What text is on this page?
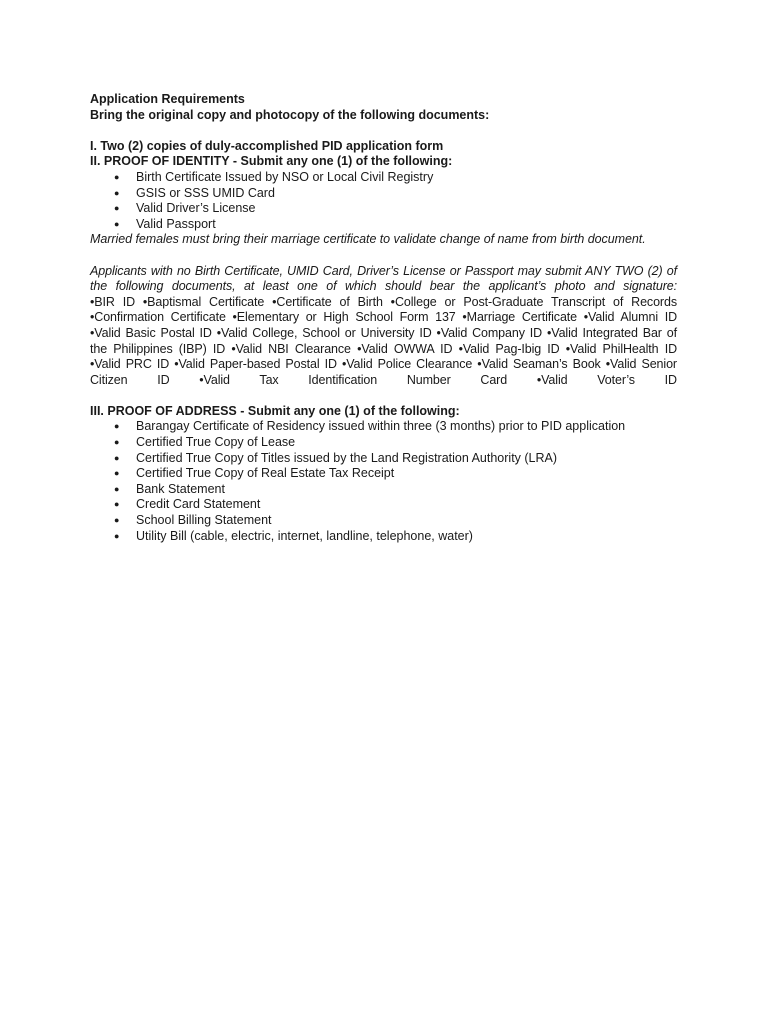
Application Requirements
Bring the original copy and photocopy of the following documents:
I. Two (2) copies of duly-accomplished PID application form
II. PROOF OF IDENTITY - Submit any one (1) of the following:
● Birth Certificate Issued by NSO or Local Civil Registry
● GSIS or SSS UMID Card
● Valid Driver’s License
● Valid Passport
Married females must bring their marriage certificate to validate change of name from birth document.
Applicants with no Birth Certificate, UMID Card, Driver’s License or Passport may submit ANY TWO (2) of
the following documents, at least one of which should bear the applicant’s photo and signature:
•BIR ID •Baptismal Certificate •Certificate of Birth •College or Post-Graduate Transcript of Records
•Confirmation Certificate •Elementary or High School Form 137 •Marriage Certificate •Valid Alumni ID
•Valid Basic Postal ID •Valid College, School or University ID •Valid Company ID •Valid Integrated Bar of
the Philippines (IBP) ID •Valid NBI Clearance •Valid OWWA ID •Valid Pag-Ibig ID •Valid PhilHealth ID
•Valid PRC ID •Valid Paper-based Postal ID •Valid Police Clearance •Valid Seaman’s Book •Valid Senior
Citizen ID •Valid Tax Identification Number Card •Valid Voter’s ID
III. PROOF OF ADDRESS - Submit any one (1) of the following:
● Barangay Certificate of Residency issued within three (3 months) prior to PID application
● Certified True Copy of Lease
● Certified True Copy of Titles issued by the Land Registration Authority (LRA)
● Certified True Copy of Real Estate Tax Receipt
● Bank Statement
● Credit Card Statement
● School Billing Statement
● Utility Bill (cable, electric, internet, landline, telephone, water)
